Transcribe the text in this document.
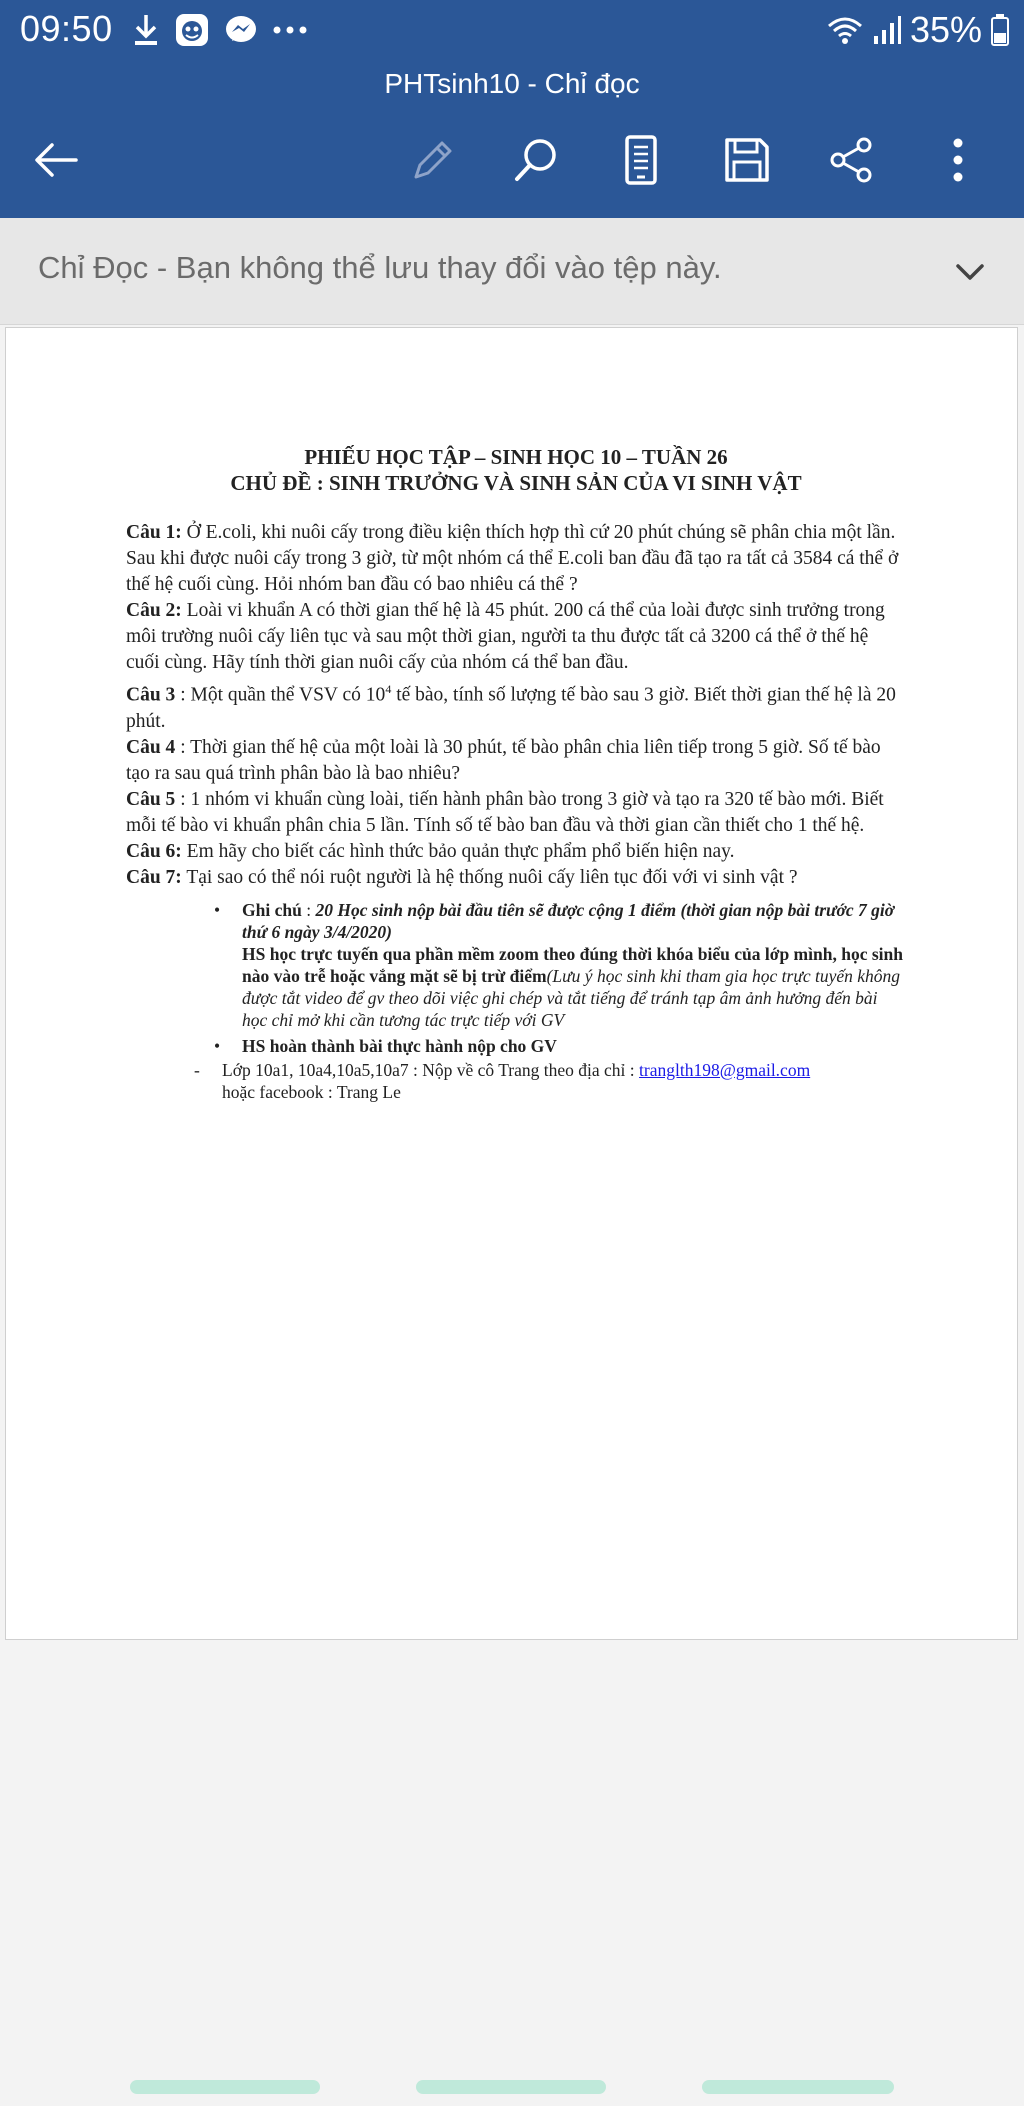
09:50	35%
PHTsinh10 - Chỉ đọc
Chỉ Đọc - Bạn không thể lưu thay đổi vào tệp này.
PHIẾU HỌC TẬP – SINH HỌC 10 – TUẦN 26
CHỦ ĐỀ : SINH TRƯỞNG VÀ SINH SẢN CỦA VI SINH VẬT

Câu 1: Ở E.coli, khi nuôi cấy trong điều kiện thích hợp thì cứ 20 phút chúng sẽ phân chia một lần. Sau khi được nuôi cấy trong 3 giờ, từ một nhóm cá thể E.coli ban đầu đã tạo ra tất cả 3584 cá thể ở thế hệ cuối cùng. Hỏi nhóm ban đầu có bao nhiêu cá thể ?

Câu 2: Loài vi khuẩn A có thời gian thế hệ là 45 phút. 200 cá thể của loài được sinh trưởng trong môi trường nuôi cấy liên tục và sau một thời gian, người ta thu được tất cả 3200 cá thể ở thế hệ cuối cùng. Hãy tính thời gian nuôi cấy của nhóm cá thể ban đầu.

Câu 3 : Một quần thể VSV có $10^4$ tế bào, tính số lượng tế bào sau 3 giờ. Biết thời gian thế hệ là 20 phút.

Câu 4 : Thời gian thế hệ của một loài là 30 phút, tế bào phân chia liên tiếp trong 5 giờ. Số tế bào tạo ra sau quá trình phân bào là bao nhiêu?

Câu 5 : 1 nhóm vi khuẩn cùng loài, tiến hành phân bào trong 3 giờ và tạo ra 320 tế bào mới. Biết mỗi tế bào vi khuẩn phân chia 5 lần. Tính số tế bào ban đầu và thời gian cần thiết cho 1 thế hệ.

Câu 6: Em hãy cho biết các hình thức bảo quản thực phẩm phổ biến hiện nay.

Câu 7: Tại sao có thể nói ruột người là hệ thống nuôi cấy liên tục đối với vi sinh vật ?

• Ghi chú : 20 Học sinh nộp bài đầu tiên sẽ được cộng 1 điểm (thời gian nộp bài trước 7 giờ thứ 6 ngày 3/4/2020)
HS học trực tuyến qua phần mềm zoom theo đúng thời khóa biểu của lớp mình, học sinh nào vào trễ hoặc vắng mặt sẽ bị trừ điểm(Lưu ý học sinh khi tham gia học trực tuyến không được tắt video để gv theo dõi việc ghi chép và tắt tiếng để tránh tạp âm ảnh hưởng đến bài học chỉ mở khi cần tương tác trực tiếp với GV
• HS hoàn thành bài thực hành nộp cho GV
- Lớp 10a1, 10a4,10a5,10a7 : Nộp về cô Trang theo địa chỉ : tranglth198@gmail.com
hoặc facebook : Trang Le
